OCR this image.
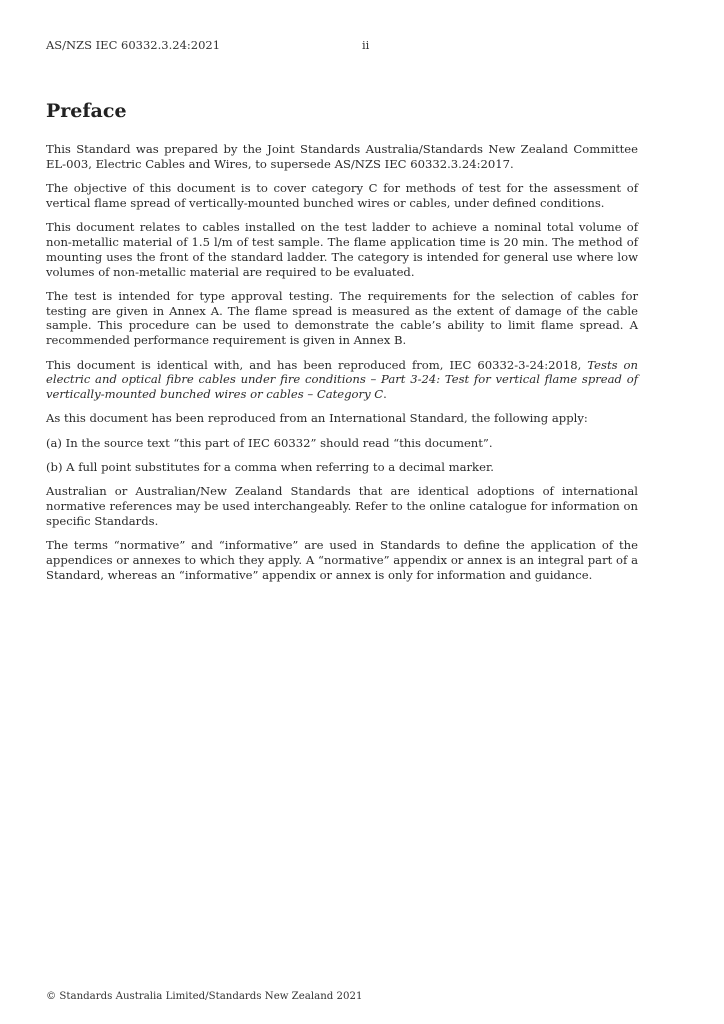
AS/NZS IEC 60332.3.24:2021	ii
Preface

This Standard was prepared by the Joint Standards Australia/Standards New Zealand Committee EL-003, Electric Cables and Wires, to supersede AS/NZS IEC 60332.3.24:2017.

The objective of this document is to cover category C for methods of test for the assessment of vertical flame spread of vertically-mounted bunched wires or cables, under defined conditions.

This document relates to cables installed on the test ladder to achieve a nominal total volume of non-metallic material of 1.5 l/m of test sample. The flame application time is 20 min. The method of mounting uses the front of the standard ladder. The category is intended for general use where low volumes of non-metallic material are required to be evaluated.

The test is intended for type approval testing. The requirements for the selection of cables for testing are given in Annex A. The flame spread is measured as the extent of damage of the cable sample. This procedure can be used to demonstrate the cable’s ability to limit flame spread. A recommended performance requirement is given in Annex B.

This document is identical with, and has been reproduced from, IEC 60332-3-24:2018, Tests on electric and optical fibre cables under fire conditions – Part 3-24: Test for vertical flame spread of vertically-mounted bunched wires or cables – Category C.

As this document has been reproduced from an International Standard, the following apply:

(a) In the source text “this part of IEC 60332” should read “this document”.

(b) A full point substitutes for a comma when referring to a decimal marker.

Australian or Australian/New Zealand Standards that are identical adoptions of international normative references may be used interchangeably. Refer to the online catalogue for information on specific Standards.

The terms “normative” and “informative” are used in Standards to define the application of the appendices or annexes to which they apply. A “normative” appendix or annex is an integral part of a Standard, whereas an “informative” appendix or annex is only for information and guidance.

© Standards Australia Limited/Standards New Zealand 2021
